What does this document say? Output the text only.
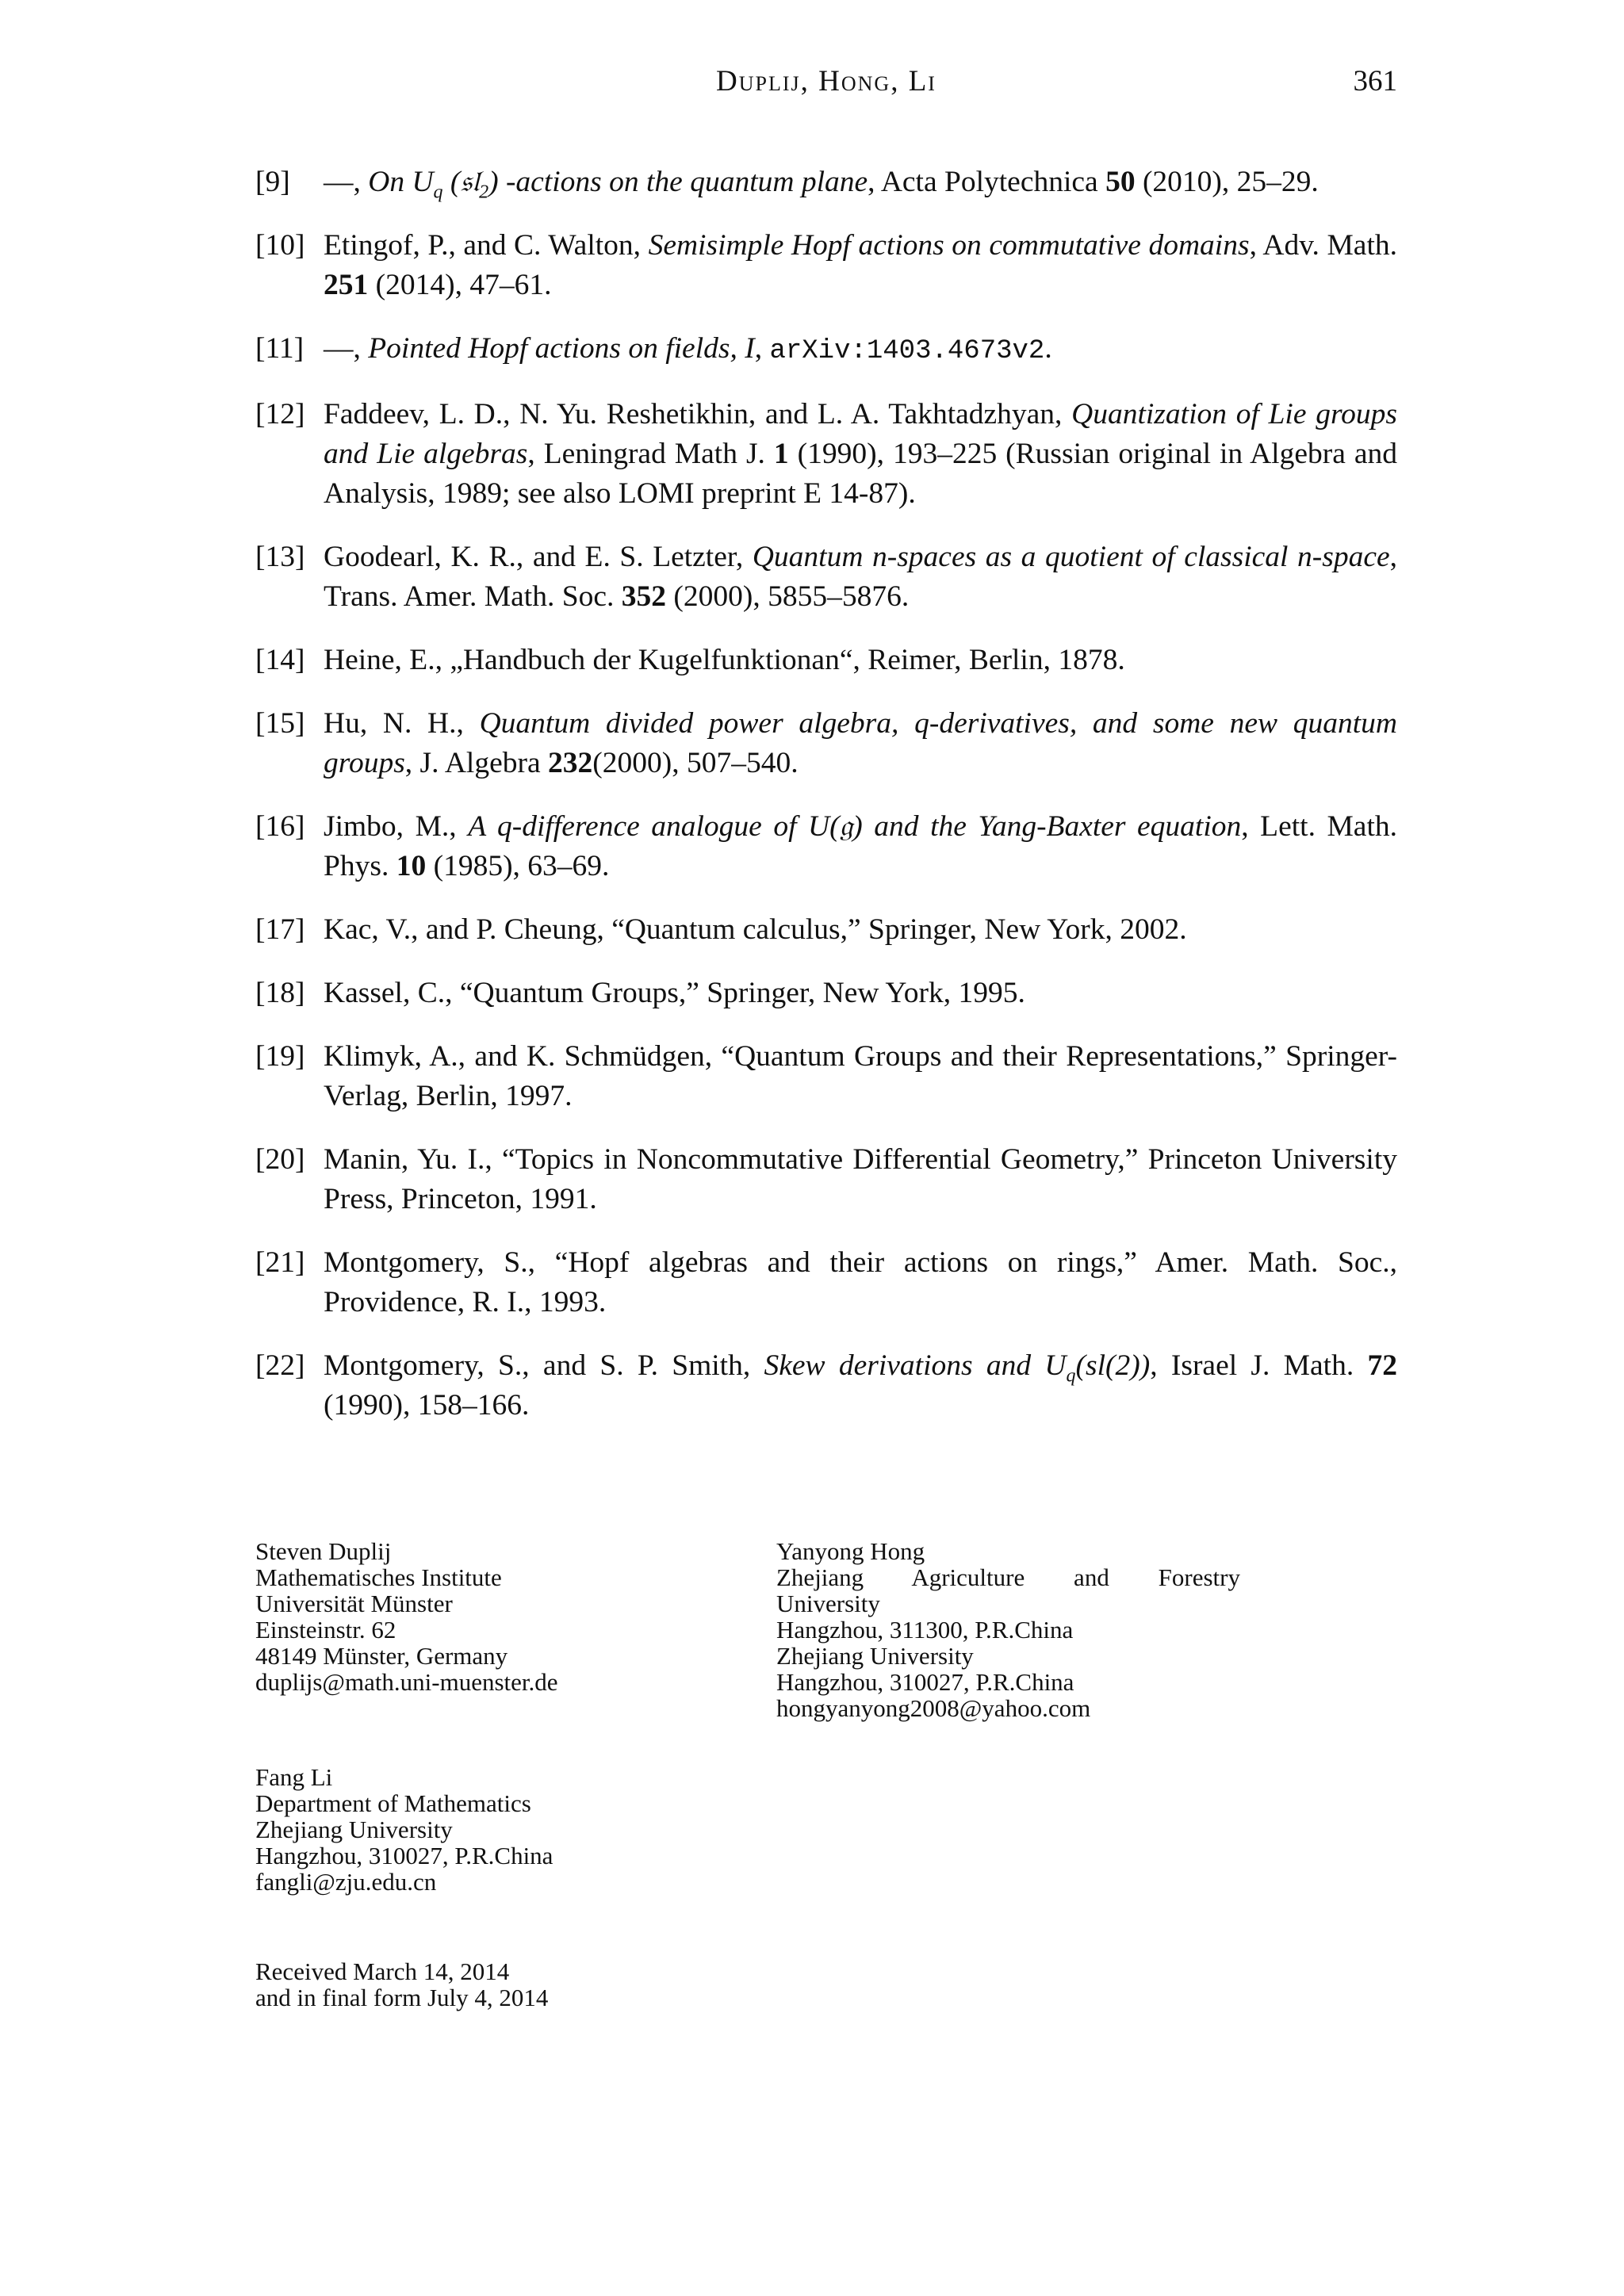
Duplij, Hong, Li	361
[9] —, On $U_q$ (𝔰𝔩$_2$) -actions on the quantum plane, Acta Polytechnica 50 (2010), 25–29.
[10] Etingof, P., and C. Walton, Semisimple Hopf actions on commutative domains, Adv. Math. 251 (2014), 47–61.
[11] —, Pointed Hopf actions on fields, I, arXiv:1403.4673v2.
[12] Faddeev, L. D., N. Yu. Reshetikhin, and L. A. Takhtadzhyan, Quantization of Lie groups and Lie algebras, Leningrad Math J. 1 (1990), 193–225 (Russian original in Algebra and Analysis, 1989; see also LOMI preprint E 14-87).
[13] Goodearl, K. R., and E. S. Letzter, Quantum n-spaces as a quotient of classical n-space, Trans. Amer. Math. Soc. 352 (2000), 5855–5876.
[14] Heine, E., „Handbuch der Kugelfunktionan“, Reimer, Berlin, 1878.
[15] Hu, N. H., Quantum divided power algebra, q-derivatives, and some new quantum groups, J. Algebra 232(2000), 507–540.
[16] Jimbo, M., A q-difference analogue of U(𝔤) and the Yang-Baxter equation, Lett. Math. Phys. 10 (1985), 63–69.
[17] Kac, V., and P. Cheung, “Quantum calculus,” Springer, New York, 2002.
[18] Kassel, C., “Quantum Groups,” Springer, New York, 1995.
[19] Klimyk, A., and K. Schmüdgen, “Quantum Groups and their Representations,” Springer-Verlag, Berlin, 1997.
[20] Manin, Yu. I., “Topics in Noncommutative Differential Geometry,” Princeton University Press, Princeton, 1991.
[21] Montgomery, S., “Hopf algebras and their actions on rings,” Amer. Math. Soc., Providence, R. I., 1993.
[22] Montgomery, S., and S. P. Smith, Skew derivations and $U_q(sl(2))$, Israel J. Math. 72 (1990), 158–166.
Steven Duplij
Mathematisches Institute
Universität Münster
Einsteinstr. 62
48149 Münster, Germany
duplijs@math.uni-muenster.de
Yanyong Hong
Zhejiang Agriculture and Forestry
University
Hangzhou, 311300, P.R.China
Zhejiang University
Hangzhou, 310027, P.R.China
hongyanyong2008@yahoo.com
Fang Li
Department of Mathematics
Zhejiang University
Hangzhou, 310027, P.R.China
fangli@zju.edu.cn
Received March 14, 2014
and in final form July 4, 2014
